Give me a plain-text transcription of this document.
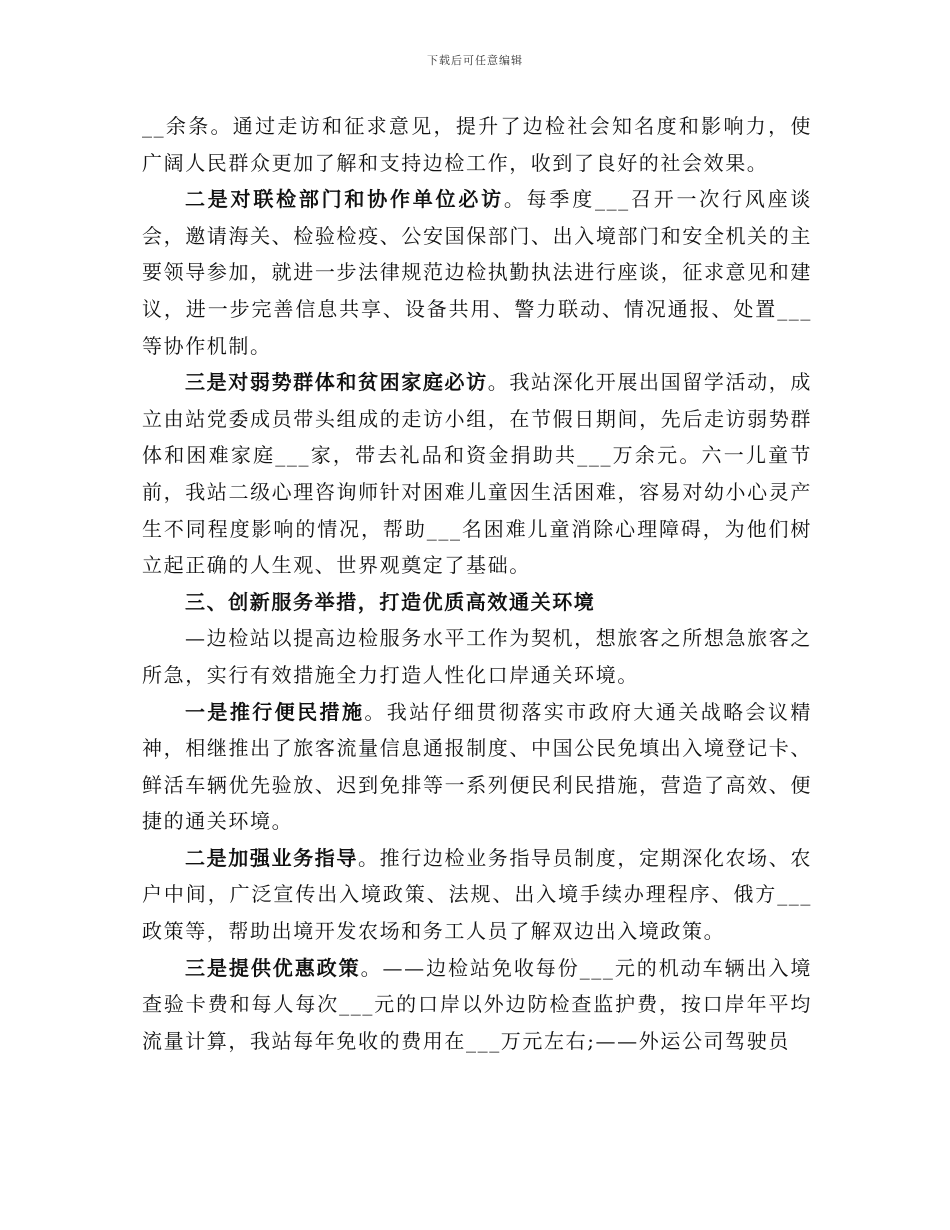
下载后可任意编辑

__余条。通过走访和征求意见，提升了边检社会知名度和影响力，使广阔人民群众更加了解和支持边检工作，收到了良好的社会效果。

二是对联检部门和协作单位必访。每季度___召开一次行风座谈会，邀请海关、检验检疫、公安国保部门、出入境部门和安全机关的主要领导参加，就进一步法律规范边检执勤执法进行座谈，征求意见和建议，进一步完善信息共享、设备共用、警力联动、情况通报、处置___等协作机制。

三是对弱势群体和贫困家庭必访。我站深化开展出国留学活动，成立由站党委成员带头组成的走访小组，在节假日期间，先后走访弱势群体和困难家庭___家，带去礼品和资金捐助共___万余元。六一儿童节前，我站二级心理咨询师针对困难儿童因生活困难，容易对幼小心灵产生不同程度影响的情况，帮助___名困难儿童消除心理障碍，为他们树立起正确的人生观、世界观奠定了基础。

三、创新服务举措，打造优质高效通关环境

—边检站以提高边检服务水平工作为契机，想旅客之所想急旅客之所急，实行有效措施全力打造人性化口岸通关环境。

一是推行便民措施。我站仔细贯彻落实市政府大通关战略会议精神，相继推出了旅客流量信息通报制度、中国公民免填出入境登记卡、鲜活车辆优先验放、迟到免排等一系列便民利民措施，营造了高效、便捷的通关环境。

二是加强业务指导。推行边检业务指导员制度，定期深化农场、农户中间，广泛宣传出入境政策、法规、出入境手续办理程序、俄方___政策等，帮助出境开发农场和务工人员了解双边出入境政策。

三是提供优惠政策。——边检站免收每份___元的机动车辆出入境查验卡费和每人每次___元的口岸以外边防检查监护费，按口岸年平均流量计算，我站每年免收的费用在___万元左右;——外运公司驾驶员
